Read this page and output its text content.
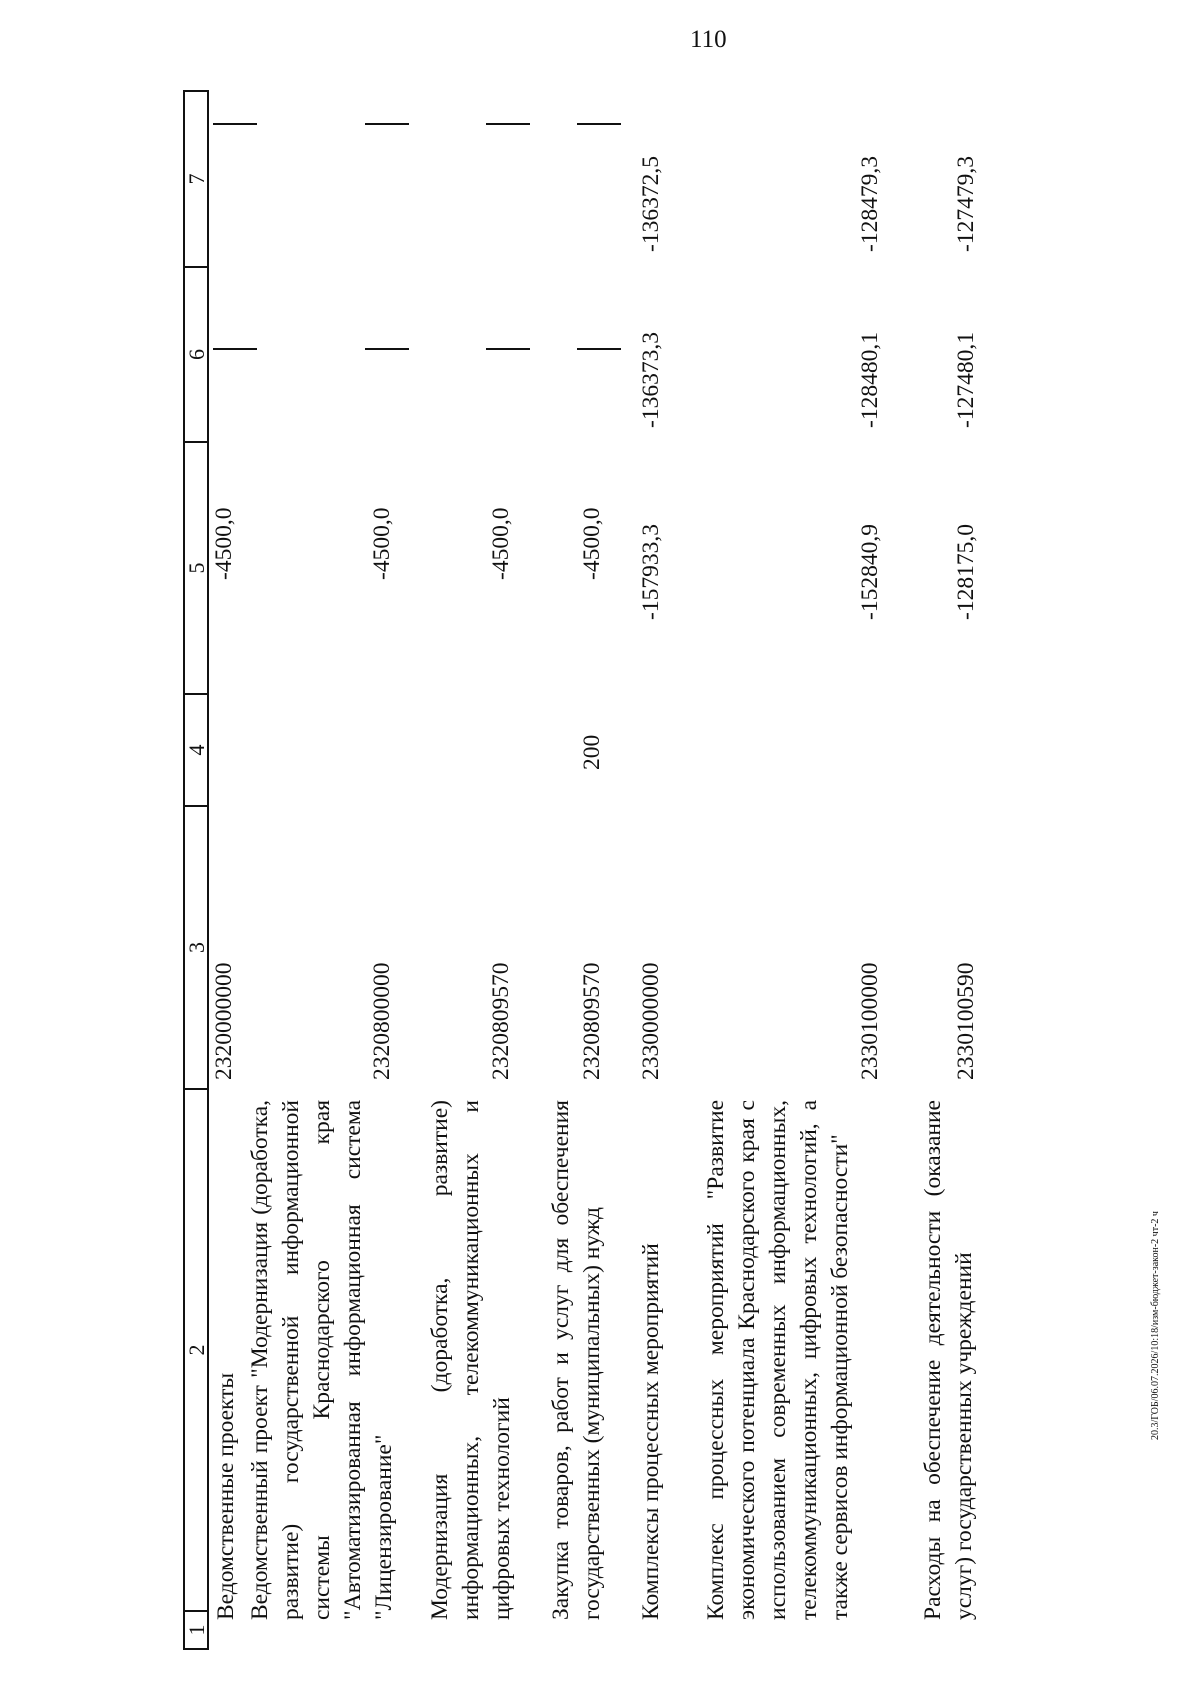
110
20.3/ГОБ/06.07.2026/10:18/изм-бюджет-закон-2 чт-2 ч
1
2
3
4
5
6
7
Ведомственные проекты
2320000000
-4500,0
Ведомственный проект "Модернизация (доработка, развитие) государственной информационной системы Краснодарского края "Автоматизированная информационная система "Лицензирование"
2320800000
-4500,0
Модернизация (доработка, развитие) информационных, телекоммуникационных и цифровых технологий
2320809570
-4500,0
Закупка товаров, работ и услуг для обеспечения государственных (муниципальных) нужд
2320809570
200
-4500,0
Комплексы процессных мероприятий
2330000000
-157933,3
-136373,3
-136372,5
Комплекс процессных мероприятий "Развитие экономического потенциала Краснодарского края с использованием современных информационных, телекоммуникационных, цифровых технологий, а также сервисов информационной безопасности"
2330100000
-152840,9
-128480,1
-128479,3
Расходы на обеспечение деятельности (оказание услуг) государственных учреждений
2330100590
-128175,0
-127480,1
-127479,3
